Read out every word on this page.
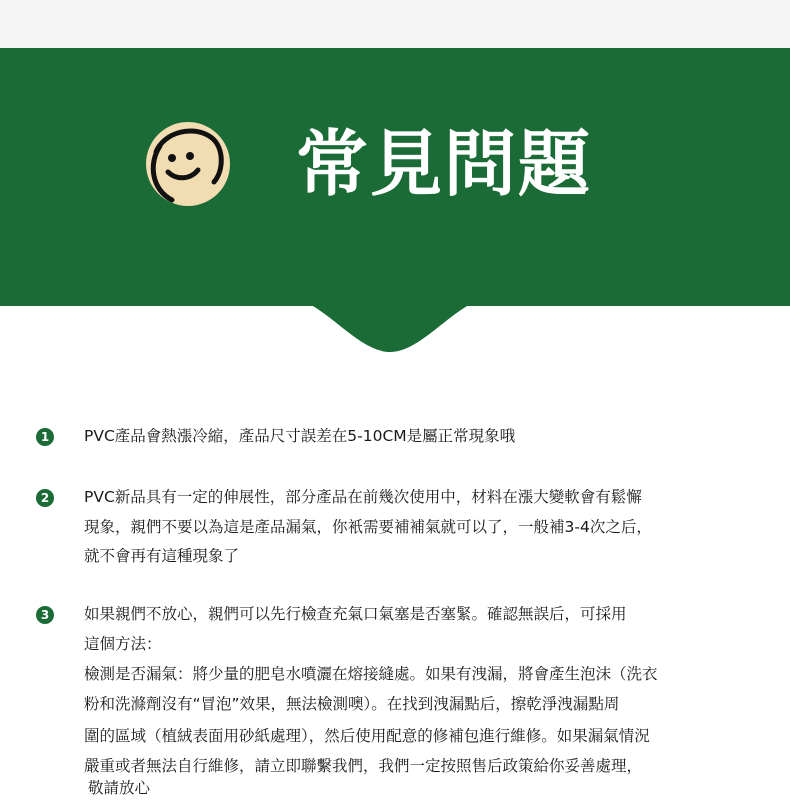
常見問題
1	PVC產品會熱漲冷縮，產品尺寸誤差在5-10CM是屬正常現象哦
2	PVC新品具有一定的伸展性，部分產品在前幾次使用中，材料在漲大變軟會有鬆懈
現象，親們不要以為這是產品漏氣，你衹需要補補氣就可以了，一般補3-4次之后，
就不會再有這種現象了
3	如果親們不放心，親們可以先行檢查充氣口氣塞是否塞緊。確認無誤后，可採用
這個方法：
檢測是否漏氣：將少量的肥皂水噴灑在熔接縫處。如果有洩漏，將會產生泡沫（洗衣
粉和洗滌劑沒有“冒泡”效果，無法檢測噢）。在找到洩漏點后，擦乾淨洩漏點周
圍的區域（植絨表面用砂紙處理），然后使用配意的修補包進行維修。如果漏氣情況
嚴重或者無法自行維修，請立即聯繫我們，我們一定按照售后政策給你妥善處理，
敬請放心
